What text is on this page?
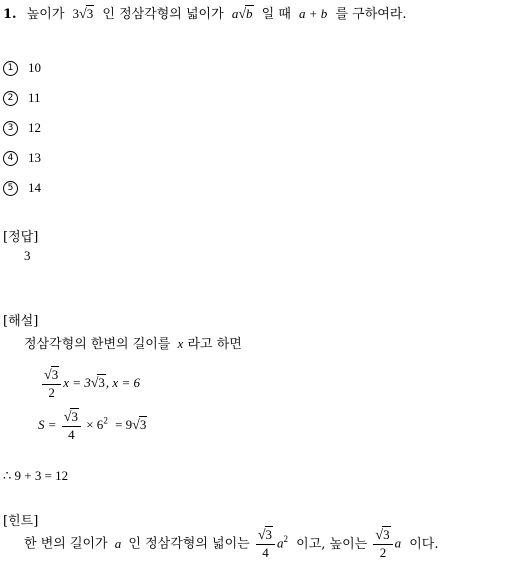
1. 높이가 3√3 인 정삼각형의 넓이가 a√b 일 때 a + b 를 구하여라.
1	10
2	11
3	12
4	13
5	14
[정답]
3
[해설]
정삼각형의 한변의 길이를 x 라고 하면
$\frac{√3}{2}$ x = 3√3, x = 6
$S = \frac{√3}{4} \times 6^2 = 9√3$
∴ 9 + 3 = 12
[힌트]
한 변의 길이가 a 인 정삼각형의 넓이는 $\frac{√3}{4} a^2$ 이고, 높이는 $\frac{√3}{2}$ a 이다.
